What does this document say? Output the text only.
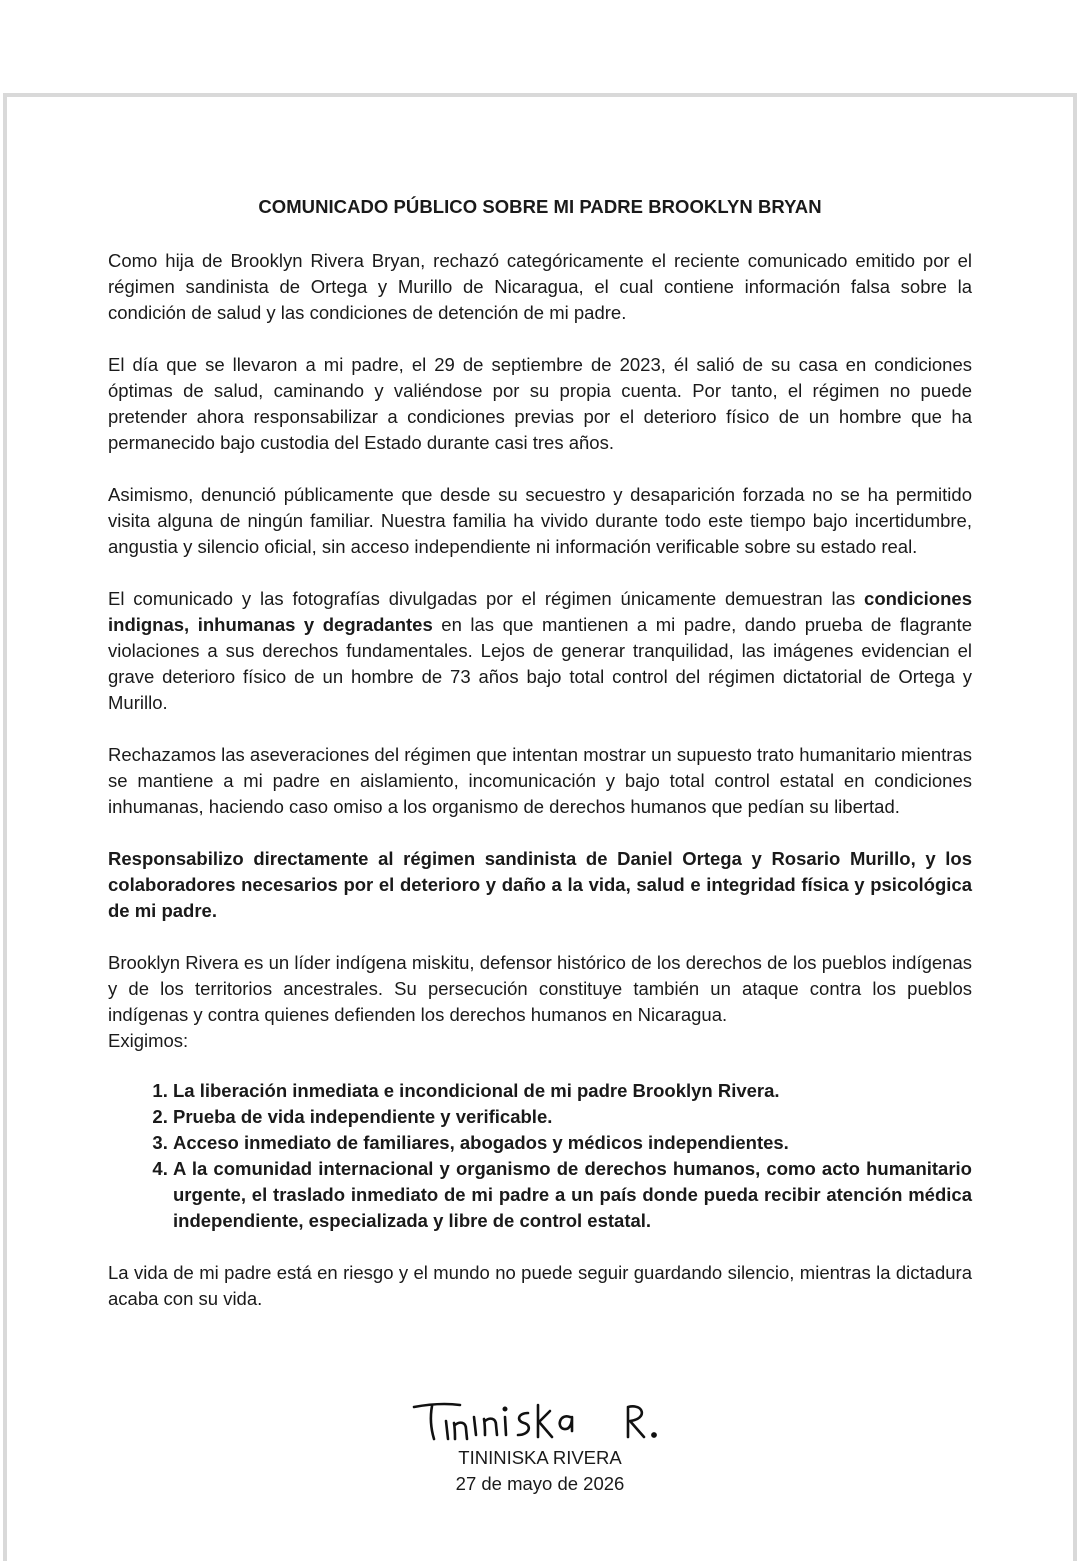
COMUNICADO PÚBLICO SOBRE MI PADRE BROOKLYN BRYAN

Como hija de Brooklyn Rivera Bryan, rechazó categóricamente el reciente comunicado emitido por el régimen sandinista de Ortega y Murillo de Nicaragua, el cual contiene información falsa sobre la condición de salud y las condiciones de detención de mi padre.

El día que se llevaron a mi padre, el 29 de septiembre de 2023, él salió de su casa en condiciones óptimas de salud, caminando y valiéndose por su propia cuenta. Por tanto, el régimen no puede pretender ahora responsabilizar a condiciones previas por el deterioro físico de un hombre que ha permanecido bajo custodia del Estado durante casi tres años.

Asimismo, denunció públicamente que desde su secuestro y desaparición forzada no se ha permitido visita alguna de ningún familiar. Nuestra familia ha vivido durante todo este tiempo bajo incertidumbre, angustia y silencio oficial, sin acceso independiente ni información verificable sobre su estado real.

El comunicado y las fotografías divulgadas por el régimen únicamente demuestran las condiciones indignas, inhumanas y degradantes en las que mantienen a mi padre, dando prueba de flagrante violaciones a sus derechos fundamentales. Lejos de generar tranquilidad, las imágenes evidencian el grave deterioro físico de un hombre de 73 años bajo total control del régimen dictatorial de Ortega y Murillo.

Rechazamos las aseveraciones del régimen que intentan mostrar un supuesto trato humanitario mientras se mantiene a mi padre en aislamiento, incomunicación y bajo total control estatal en condiciones inhumanas, haciendo caso omiso a los organismo de derechos humanos que pedían su libertad.

Responsabilizo directamente al régimen sandinista de Daniel Ortega y Rosario Murillo, y los colaboradores necesarios por el deterioro y daño a la vida, salud e integridad física y psicológica de mi padre.

Brooklyn Rivera es un líder indígena miskitu, defensor histórico de los derechos de los pueblos indígenas y de los territorios ancestrales. Su persecución constituye también un ataque contra los pueblos indígenas y contra quienes defienden los derechos humanos en Nicaragua.

Exigimos:

1. La liberación inmediata e incondicional de mi padre Brooklyn Rivera.
2. Prueba de vida independiente y verificable.
3. Acceso inmediato de familiares, abogados y médicos independientes.
4. A la comunidad internacional y organismo de derechos humanos, como acto humanitario urgente, el traslado inmediato de mi padre a un país donde pueda recibir atención médica independiente, especializada y libre de control estatal.

La vida de mi padre está en riesgo y el mundo no puede seguir guardando silencio, mientras la dictadura acaba con su vida.

TININISKA RIVERA
27 de mayo de 2026
